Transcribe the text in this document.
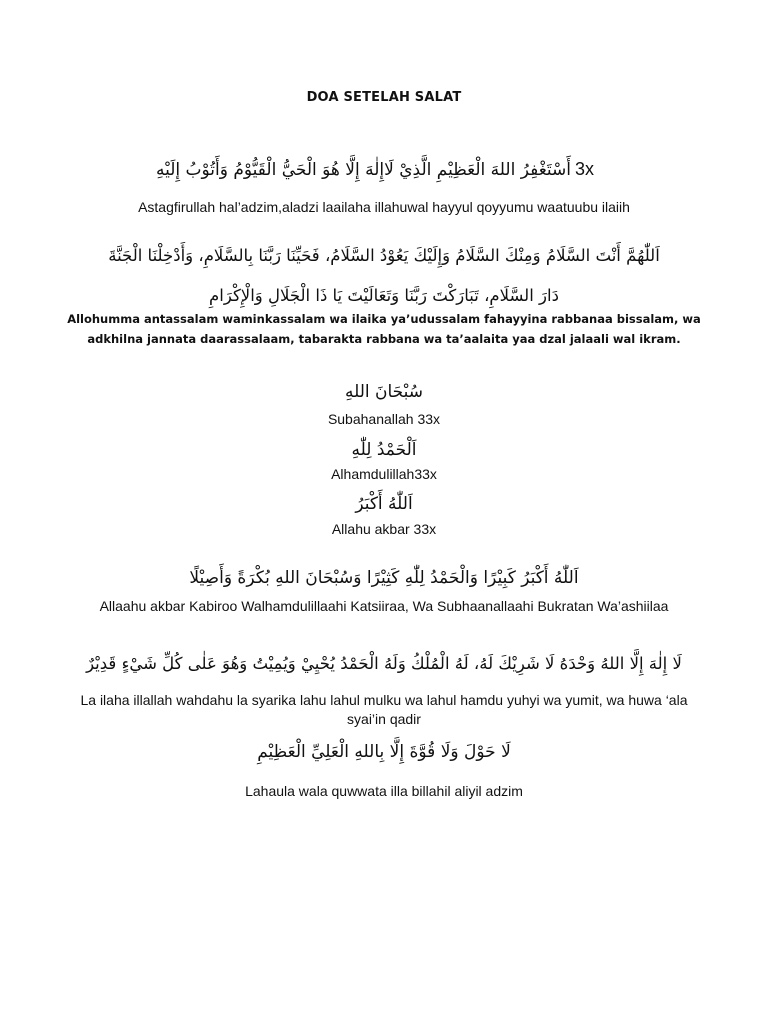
DOA SETELAH SALAT
أَسْتَغْفِرُ اللهَ الْعَظِيْمِ الَّذِيْ لَاإِلٰهَ إِلَّا هُوَ الْحَيُّ الْقَيُّوْمُ وَأَتُوْبُ إِلَيْهِ 3x
Astagfirullah hal’adzim,aladzi laailaha illahuwal hayyul qoyyumu waatuubu ilaiih
اَللّٰهُمَّ أَنْتَ السَّلَامُ وَمِنْكَ السَّلَامُ وَإِلَيْكَ يَعُوْدُ السَّلَامُ، فَحَيِّنَا رَبَّنَا بِالسَّلَامِ، وَأَدْخِلْنَا الْجَنَّةَ
دَارَ السَّلَامِ، تَبَارَكْتَ رَبَّنَا وَتَعَالَيْتَ يَا ذَا الْجَلَالِ وَالْإِكْرَامِ
Allohumma antassalam waminkassalam wa ilaika ya’udussalam fahayyina rabbanaa bissalam, wa adkhilna jannata daarassalaam, tabarakta rabbana wa ta’aalaita yaa dzal jalaali wal ikram.
سُبْحَانَ اللهِ
Subahanallah 33x
اَلْحَمْدُ لِلّٰهِ
Alhamdulillah33x
اَللّٰهُ أَكْبَرُ
Allahu akbar 33x
اَللّٰهُ أَكْبَرُ كَبِيْرًا وَالْحَمْدُ لِلّٰهِ كَثِيْرًا وَسُبْحَانَ اللهِ بُكْرَةً وَأَصِيْلًا
Allaahu akbar Kabiroo Walhamdulillaahi Katsiiraa, Wa Subhaanallaahi Bukratan Wa’ashiilaa
لَا إِلٰهَ إِلَّا اللهُ وَحْدَهُ لَا شَرِيْكَ لَهُ، لَهُ الْمُلْكُ وَلَهُ الْحَمْدُ يُحْيِيْ وَيُمِيْتُ وَهُوَ عَلٰى كُلِّ شَيْءٍ قَدِيْرٌ
La ilaha illallah wahdahu la syarika lahu lahul mulku wa lahul hamdu yuhyi wa yumit, wa huwa ‘ala syai’in qadir
لَا حَوْلَ وَلَا قُوَّةَ إِلَّا بِاللهِ الْعَلِيِّ الْعَظِيْمِ
Lahaula wala quwwata illa billahil aliyil adzim
